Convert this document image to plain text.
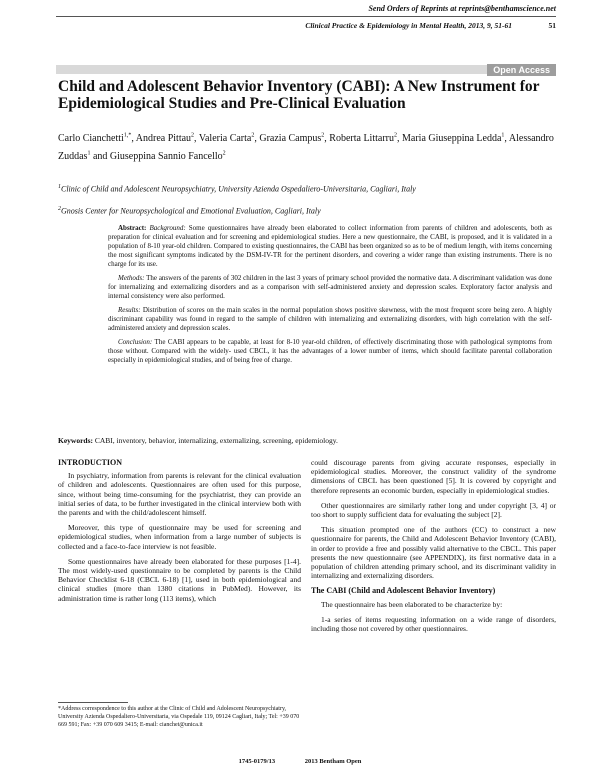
Send Orders of Reprints at reprints@benthamscience.net
Clinical Practice & Epidemiology in Mental Health, 2013, 9, 51-61	51
Open Access
Child and Adolescent Behavior Inventory (CABI): A New Instrument for Epidemiological Studies and Pre-Clinical Evaluation
Carlo Cianchetti$^{1,*}$, Andrea Pittau$^2$, Valeria Carta$^2$, Grazia Campus$^2$, Roberta Littarru$^2$, Maria Giuseppina Ledda$^1$, Alessandro Zuddas$^1$ and Giuseppina Sannio Fancello$^2$
$^1$Clinic of Child and Adolescent Neuropsychiatry, University Azienda Ospedaliero-Universitaria, Cagliari, Italy
$^2$Gnosis Center for Neuropsychological and Emotional Evaluation, Cagliari, Italy

Abstract: Background: Some questionnaires have already been elaborated to collect information from parents of children and adolescents, both as preparation for clinical evaluation and for screening and epidemiological studies. Here a new questionnaire, the CABI, is proposed, and it is validated in a population of 8-10 year-old children. Compared to existing questionnaires, the CABI has been organized so as to be of medium length, with items concerning the most significant symptoms indicated by the DSM-IV-TR for the pertinent disorders, and covering a wider range than existing instruments. There is no charge for its use.

Methods: The answers of the parents of 302 children in the last 3 years of primary school provided the normative data. A discriminant validation was done for internalizing and externalizing disorders and as a comparison with self-administered anxiety and depression scales. Exploratory factor analysis and internal consistency were also performed.

Results: Distribution of scores on the main scales in the normal population shows positive skewness, with the most frequent score being zero. A highly discriminant capability was found in regard to the sample of children with internalizing and externalizing disorders, with high correlation with the self-administered anxiety and depression scales.

Conclusion: The CABI appears to be capable, at least for 8-10 year-old children, of effectively discriminating those with pathological symptoms from those without. Compared with the widely- used CBCL, it has the advantages of a lower number of items, which should facilitate parental collaboration especially in epidemiological studies, and of being free of charge.

Keywords: CABI, inventory, behavior, internalizing, externalizing, screening, epidemiology.
INTRODUCTION

In psychiatry, information from parents is relevant for the clinical evaluation of children and adolescents. Questionnaires are often used for this purpose, since, without being time-consuming for the psychiatrist, they can provide an initial series of data, to be further investigated in the clinical interview both with the parents and with the child/adolescent himself.

Moreover, this type of questionnaire may be used for screening and epidemiological studies, when information from a large number of subjects is collected and a face-to-face interview is not feasible.

Some questionnaires have already been elaborated for these purposes [1-4]. The most widely-used questionnaire to be completed by parents is the Child Behavior Checklist 6-18 (CBCL 6-18) [1], used in both epidemiological and clinical studies (more than 1380 citations in PubMed). However, its administration time is rather long (113 items), which

could discourage parents from giving accurate responses, especially in epidemiological studies. Moreover, the construct validity of the syndrome dimensions of CBCL has been questioned [5]. It is covered by copyright and therefore represents an economic burden, especially in epidemiological studies.

Other questionnaires are similarly rather long and under copyright [3, 4] or too short to supply sufficient data for evaluating the subject [2].

This situation prompted one of the authors (CC) to construct a new questionnaire for parents, the Child and Adolescent Behavior Inventory (CABI), in order to provide a free and possibly valid alternative to the CBCL. This paper presents the new questionnaire (see APPENDIX), its first normative data in a population of children attending primary school, and its discriminant validity in internalizing and externalizing disorders.

The CABI (Child and Adolescent Behavior Inventory)

The questionnaire has been elaborated to be characterize by:

1-a series of items requesting information on a wide range of disorders, including those not covered by other questionnaires.

*Address correspondence to this author at the Clinic of Child and Adolescent Neuropsychiatry, University Azienda Ospedaliero-Universitaria, via Ospedale 119, 09124 Cagliari, Italy; Tel: +39 070 669 591; Fax: +39 070 609 3415; E-mail: cianchet@unica.it
1745-0179/13	2013 Bentham Open
